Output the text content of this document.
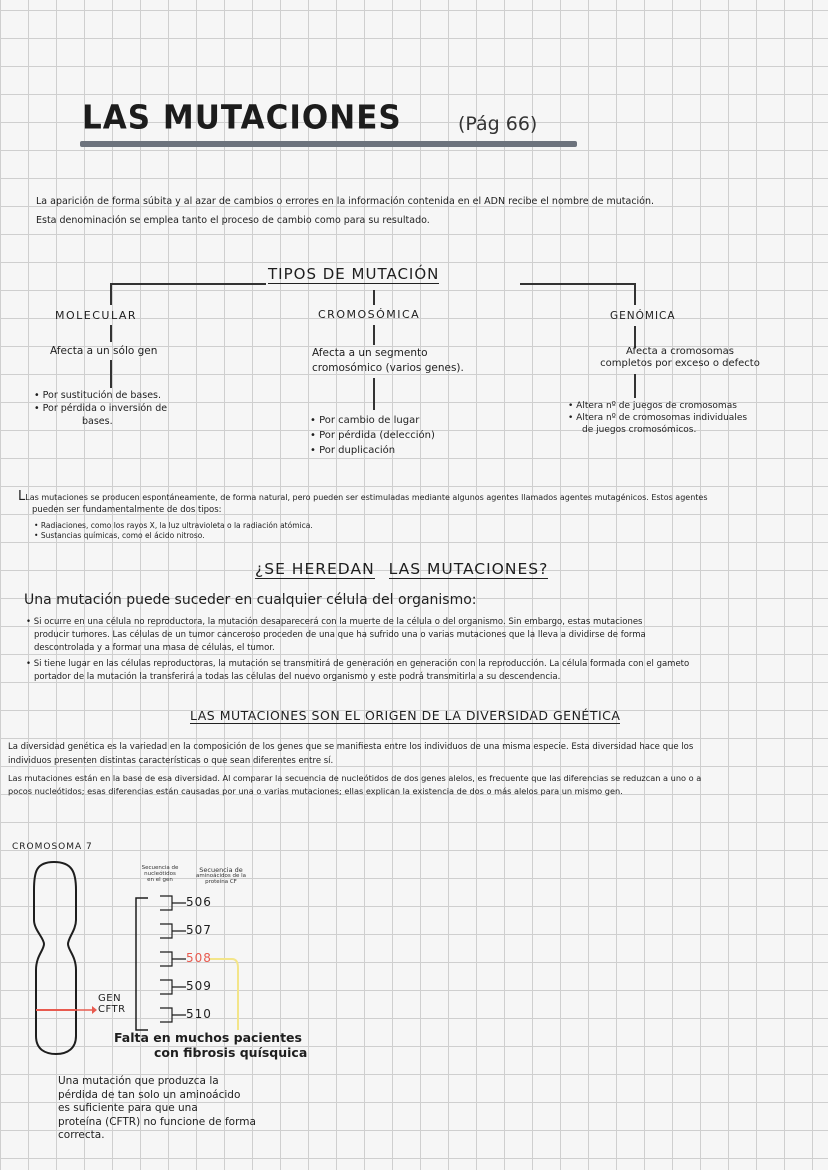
LAS MUTACIONES	(Pág 66)
La aparición de forma súbita y al azar de cambios o errores en la información contenida en el ADN recibe el nombre de mutación.
Esta denominación se emplea tanto el proceso de cambio como para su resultado.
TIPOS DE MUTACIÓN
MOLECULAR	CROMOSÓMICA	GENÓMICA
Afecta a un sólo gen	Afecta a un segmento
cromosómico (varios genes).
Afecta a cromosomas
completos por exceso o defecto
• Por sustitución de bases.
• Por pérdida o inversión de
bases.	• Por cambio de lugar
• Por pérdida (delección)
• Por duplicación
• Altera nº de juegos de cromosomas
• Altera nº de cromosomas individuales
de juegos cromosómicos.
LLas mutaciones se producen espontáneamente, de forma natural, pero pueden ser estimuladas mediante algunos agentes llamados agentes mutagénicos. Estos agentes
pueden ser fundamentalmente de dos tipos:
• Radiaciones, como los rayos X, la luz ultravioleta o la radiación atómica.
• Sustancias químicas, como el ácido nitroso.
¿SE HEREDAN LAS MUTACIONES?
Una mutación puede suceder en cualquier célula del organismo:
• Si ocurre en una célula no reproductora, la mutación desaparecerá con la muerte de la célula o del organismo. Sin embargo, estas mutaciones
producir tumores. Las células de un tumor canceroso proceden de una que ha sufrido una o varias mutaciones que la lleva a dividirse de forma
descontrolada y a formar una masa de células, el tumor.
• Si tiene lugar en las células reproductoras, la mutación se transmitirá de generación en generación con la reproducción. La célula formada con el gameto
portador de la mutación la transferirá a todas las células del nuevo organismo y este podrá transmitirla a su descendencia.
LAS MUTACIONES SON EL ORIGEN DE LA DIVERSIDAD GENÉTICA
La diversidad genética es la variedad en la composición de los genes que se manifiesta entre los individuos de una misma especie. Esta diversidad hace que los
individuos presenten distintas características o que sean diferentes entre sí.
Las mutaciones están en la base de esa diversidad. Al comparar la secuencia de nucleótidos de dos genes alelos, es frecuente que las diferencias se reduzcan a uno o a
pocos nucleótidos; esas diferencias están causadas por una o varias mutaciones; ellas explican la existencia de dos o más alelos para un mismo gen.
CROMOSOMA 7
Secuencia de
nucleótidos
en el gen
Secuencia de
aminoácidos de la
proteína CF
506
507
508
509
510
GEN
CFTR
Falta en muchos pacientes
con fibrosis quísquica
Una mutación que produzca la
pérdida de tan solo un aminoácido
es suficiente para que una
proteína (CFTR) no funcione de forma
correcta.
